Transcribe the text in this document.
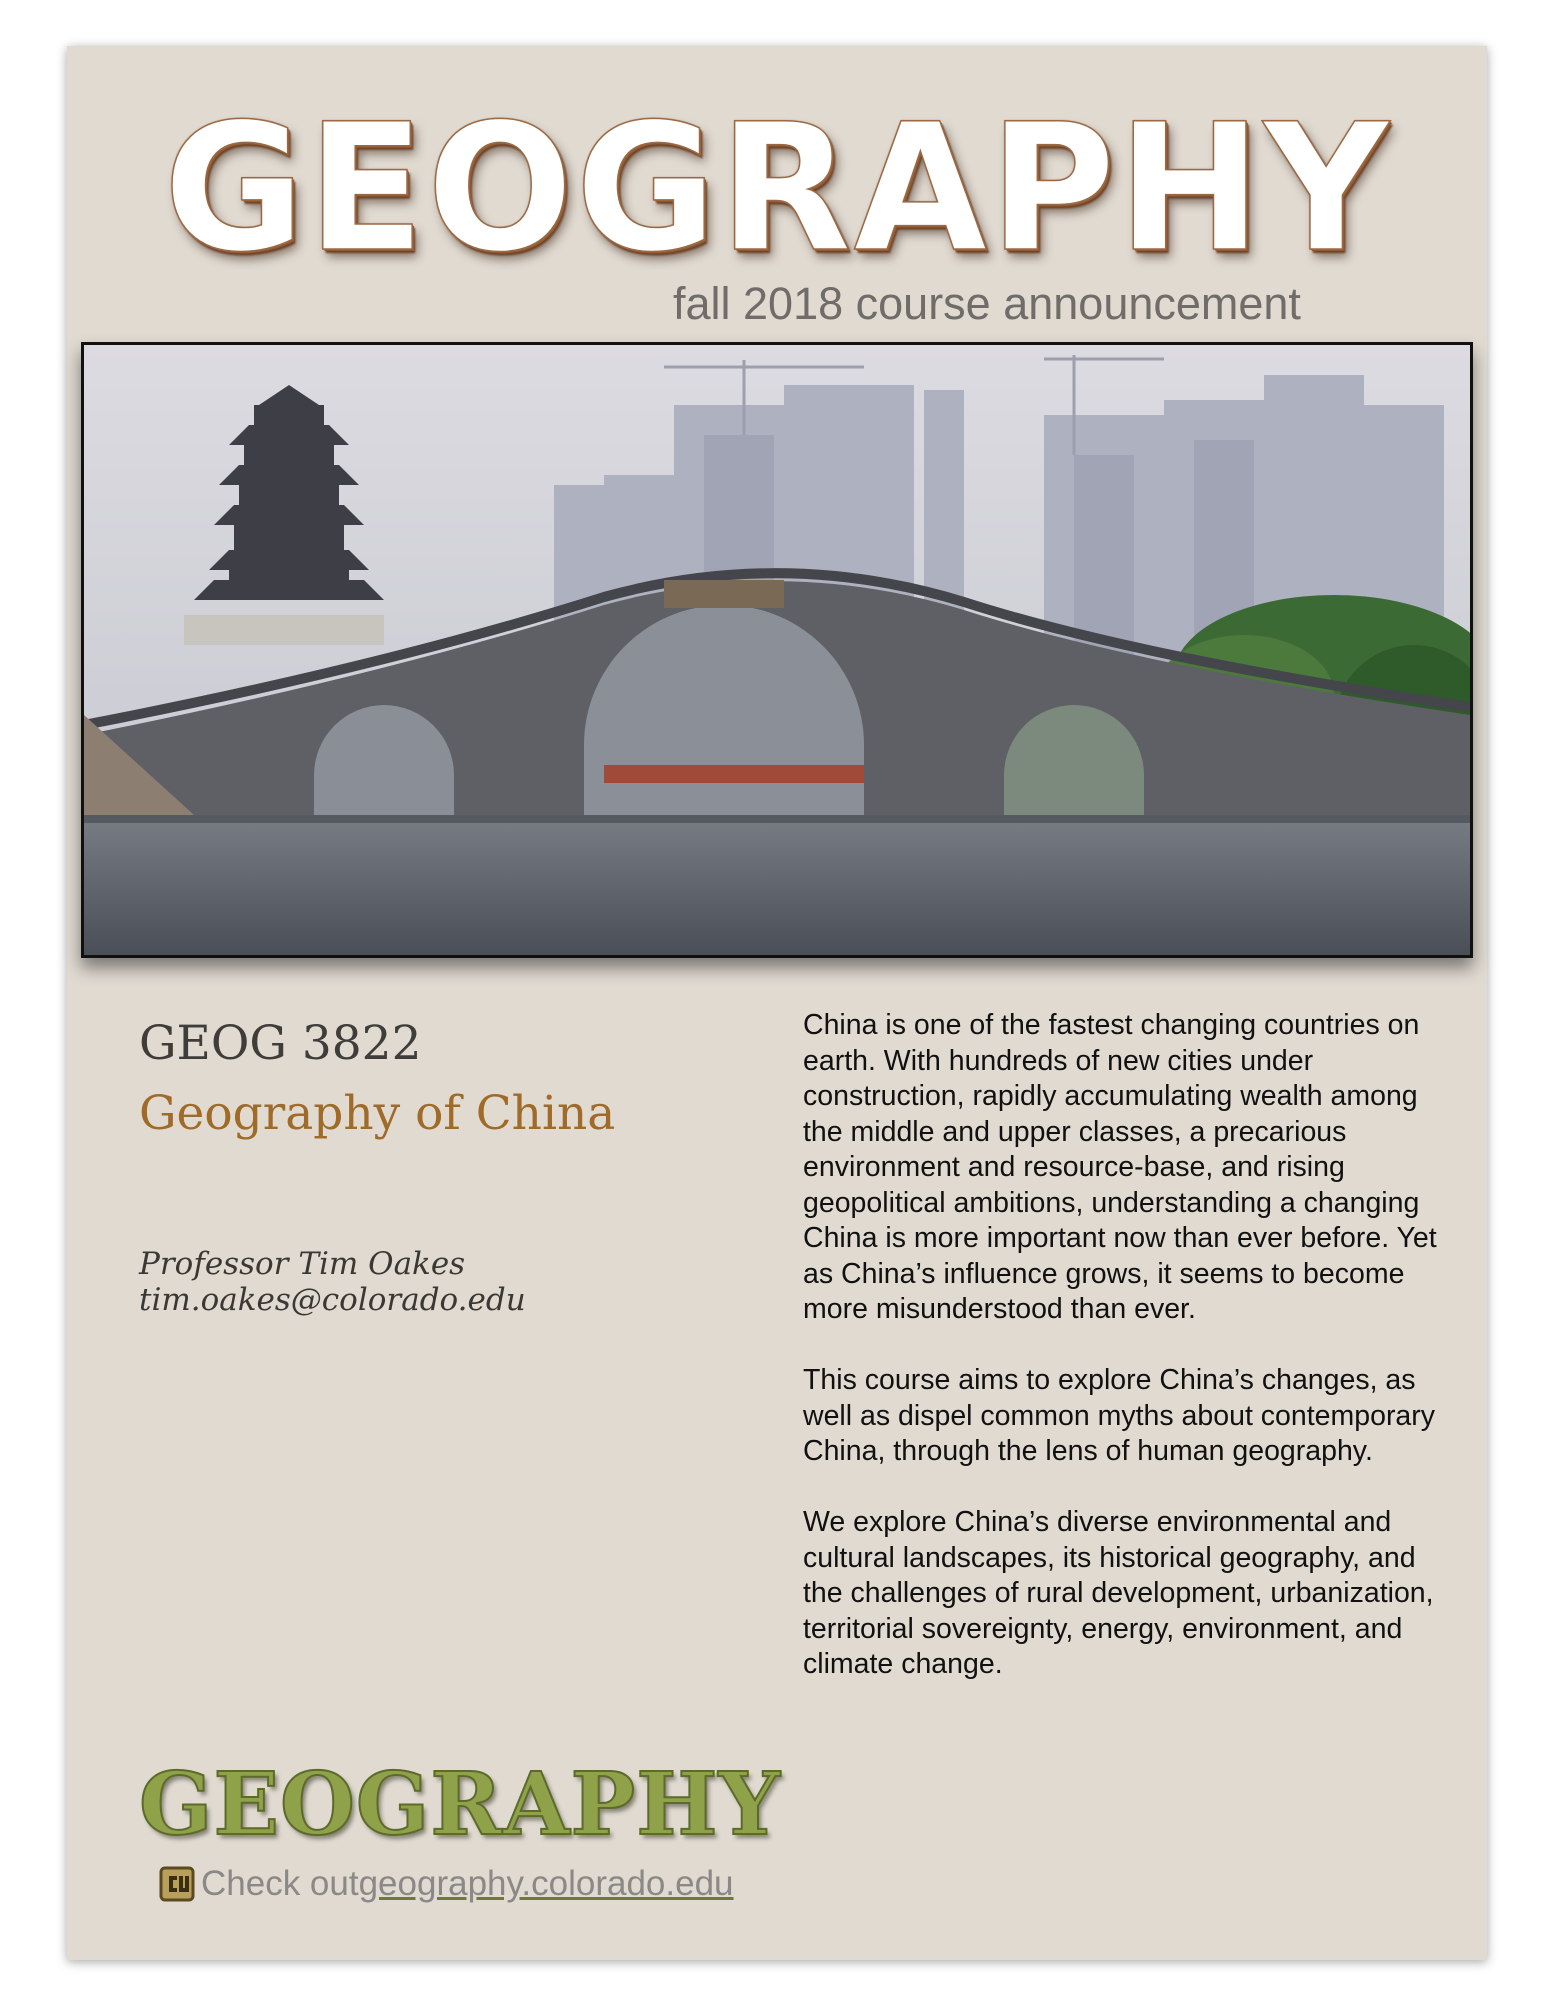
GEOGRAPHY
fall 2018 course announcement
GEOG 3822
Geography of China
Professor Tim Oakes
tim.oakes@colorado.edu

China is one of the fastest changing countries on earth. With hundreds of new cities under construction, rapidly accumulating wealth among the middle and upper classes, a precarious environment and resource-base, and rising geopolitical ambitions, understanding a changing China is more important now than ever before. Yet as China’s influence grows, it seems to become more misunderstood than ever.

This course aims to explore China’s changes, as well as dispel common myths about contemporary China, through the lens of human geography.

We explore China’s diverse environmental and cultural landscapes, its historical geography, and the challenges of rural development, urbanization, territorial sovereignty, energy, environment, and climate change.

GEOGRAPHY
Check out geography.colorado.edu
